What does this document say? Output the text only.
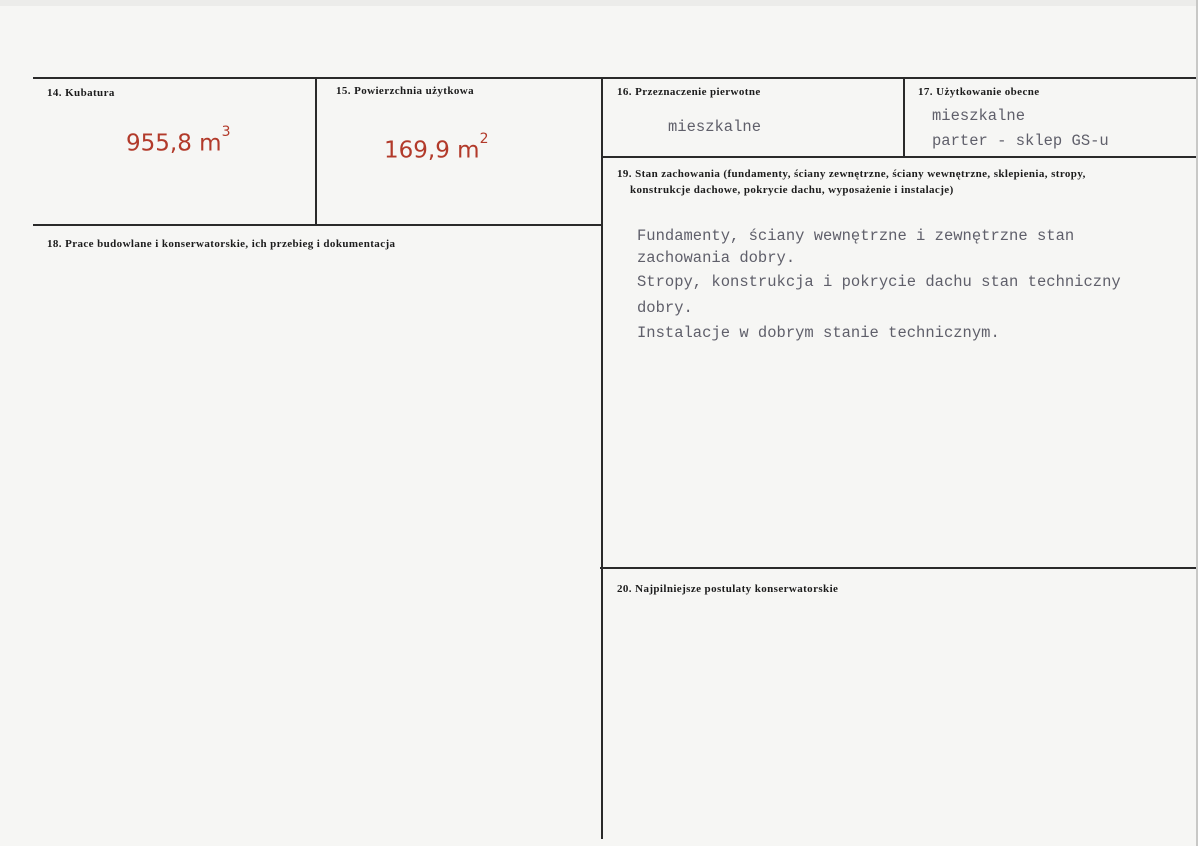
14. Kubatura
955,8 $m^3$
15. Powierzchnia użytkowa
169,9 $m^2$
16. Przeznaczenie pierwotne
mieszkalne
17. Użytkowanie obecne
mieszkalne
parter - sklep GS-u
18. Prace budowlane i konserwatorskie, ich przebieg i dokumentacja
19. Stan zachowania (fundamenty, ściany zewnętrzne, ściany wewnętrzne, sklepienia, stropy,
konstrukcje dachowe, pokrycie dachu, wyposażenie i instalacje)
Fundamenty, ściany wewnętrzne i zewnętrzne stan
zachowania dobry.
Stropy, konstrukcja i pokrycie dachu stan techniczny
dobry.
Instalacje w dobrym stanie technicznym.
20. Najpilniejsze postulaty konserwatorskie
